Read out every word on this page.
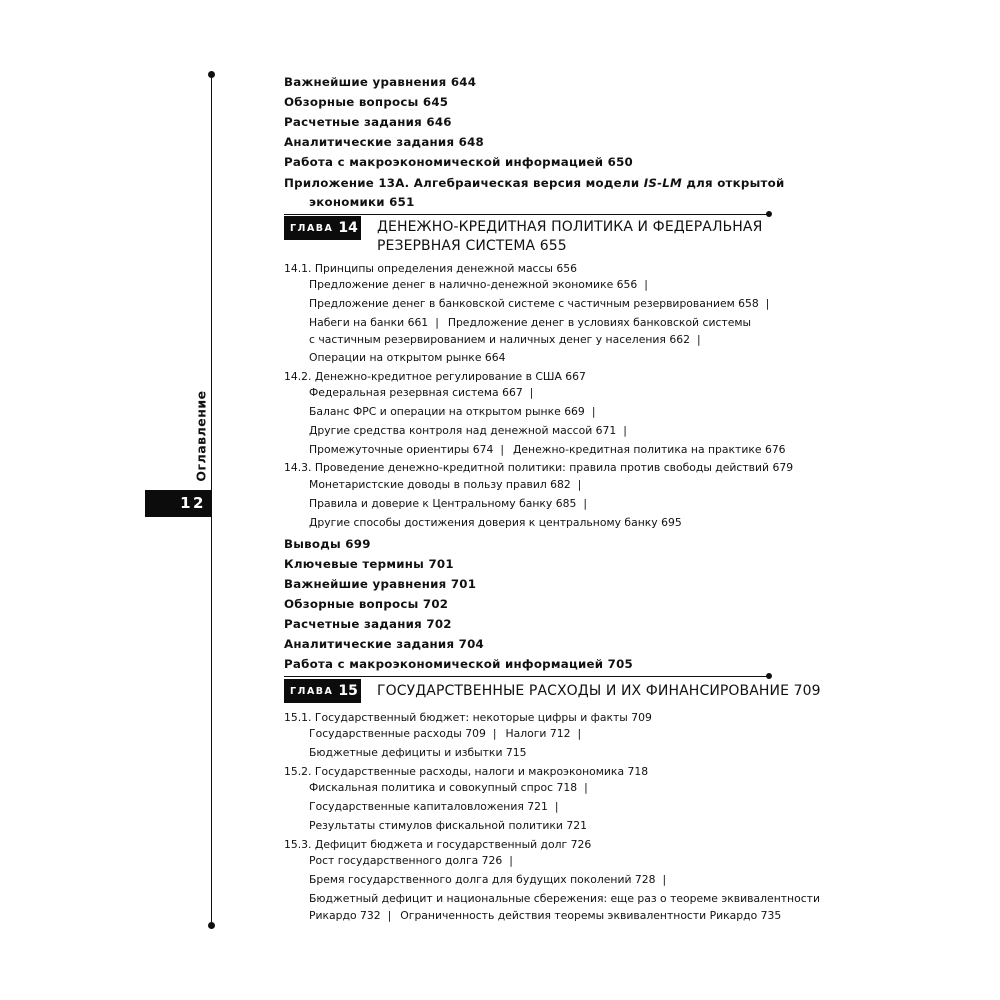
Оглавление
12
Важнейшие уравнения 644
Обзорные вопросы 645
Расчетные задания 646
Аналитические задания 648
Работа с макроэкономической информацией 650
Приложение 13А. Алгебраическая версия модели IS-LM для открытой
экономики 651
ГЛАВА 14 ДЕНЕЖНО-КРЕДИТНАЯ ПОЛИТИКА И ФЕДЕРАЛЬНАЯ
РЕЗЕРВНАЯ СИСТЕМА 655
14.1. Принципы определения денежной массы 656
Предложение денег в наличнo-денежной экономике 656 |
Предложение денег в банковской системе с частичным резервированием 658 |
Набеги на банки 661 | Предложение денег в условиях банковской системы
с частичным резервированием и наличных денег у населения 662 |
Операции на открытом рынке 664
14.2. Денежно-кредитное регулирование в США 667
Федеральная резервная система 667 |
Баланс ФРС и операции на открытом рынке 669 |
Другие средства контроля над денежной массой 671 |
Промежуточные ориентиры 674 | Денежно-кредитная политика на практике 676
14.3. Проведение денежно-кредитной политики: правила против свободы действий 679
Монетаристские доводы в пользу правил 682 |
Правила и доверие к Центральному банку 685 |
Другие способы достижения доверия к центральному банку 695
Выводы 699
Ключевые термины 701
Важнейшие уравнения 701
Обзорные вопросы 702
Расчетные задания 702
Аналитические задания 704
Работа с макроэкономической информацией 705
ГЛАВА 15 ГОСУДАРСТВЕННЫЕ РАСХОДЫ И ИХ ФИНАНСИРОВАНИЕ 709
15.1. Государственный бюджет: некоторые цифры и факты 709
Государственные расходы 709 | Налоги 712 |
Бюджетные дефициты и избытки 715
15.2. Государственные расходы, налоги и макроэкономика 718
Фискальная политика и совокупный спрос 718 |
Государственные капиталовложения 721 |
Результаты стимулов фискальной политики 721
15.3. Дефицит бюджета и государственный долг 726
Рост государственного долга 726 |
Бремя государственного долга для будущих поколений 728 |
Бюджетный дефицит и национальные сбережения: еще раз о теореме эквивалентности
Рикардо 732 | Ограниченность действия теоремы эквивалентности Рикардо 735
